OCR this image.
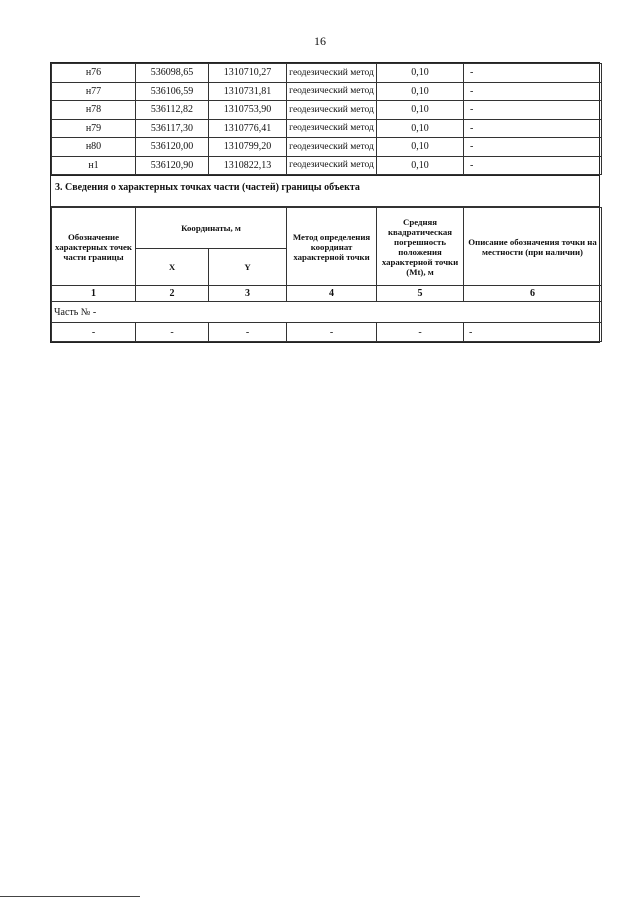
16
н76	536098,65	1310710,27	геодезический метод	0,10	-
н77	536106,59	1310731,81	геодезический метод	0,10	-
н78	536112,82	1310753,90	геодезический метод	0,10	-
н79	536117,30	1310776,41	геодезический метод	0,10	-
н80	536120,00	1310799,20	геодезический метод	0,10	-
н1	536120,90	1310822,13	геодезический метод	0,10	-
3. Сведения о характерных точках части (частей) границы объекта
Обозначение характерных точек части границы	Координаты, м		Метод определения координат характерной точки	Средняя квадратическая погрешность положения характерной точки (Мt), м	Описание обозначения точки на местности (при наличии)
	X	Y			
1	2	3	4	5	6
Часть № -					
-	-	-	-	-	-
